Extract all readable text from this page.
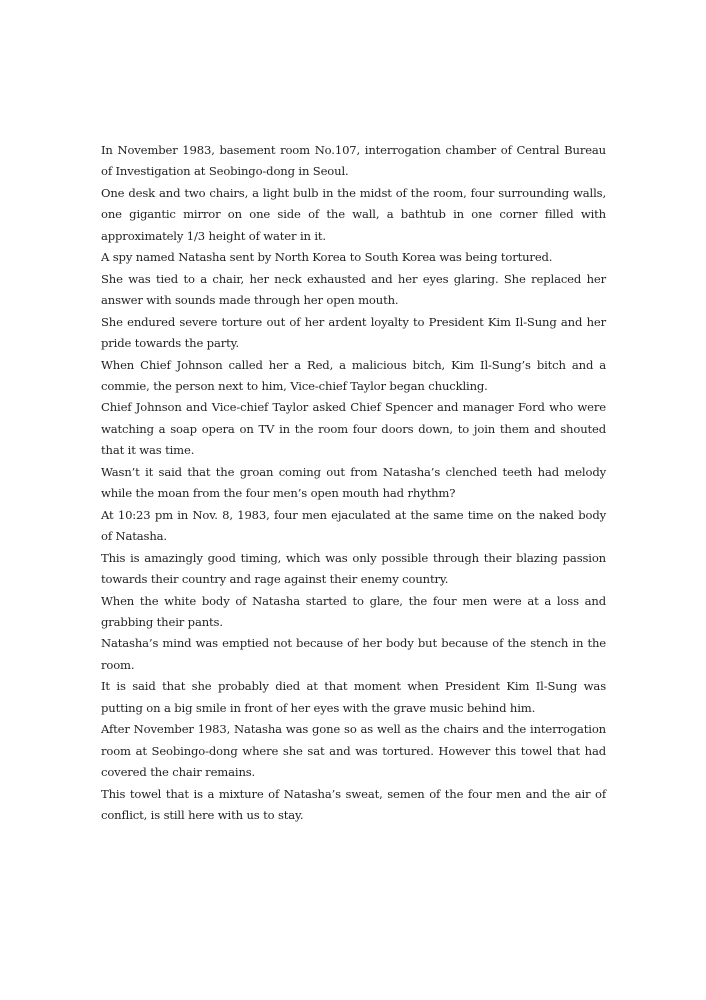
In November 1983, basement room No.107, interrogation chamber of Central Bureau of Investigation at Seobingo-dong in Seoul.

One desk and two chairs, a light bulb in the midst of the room, four surrounding walls, one gigantic mirror on one side of the wall, a bathtub in one corner filled with approximately 1/3 height of water in it.

A spy named Natasha sent by North Korea to South Korea was being tortured.

She was tied to a chair, her neck exhausted and her eyes glaring. She replaced her answer with sounds made through her open mouth.

She endured severe torture out of her ardent loyalty to President Kim Il-Sung and her pride towards the party.

When Chief Johnson called her a Red, a malicious bitch, Kim Il-Sung’s bitch and a commie, the person next to him, Vice-chief Taylor began chuckling.

Chief Johnson and Vice-chief Taylor asked Chief Spencer and manager Ford who were watching a soap opera on TV in the room four doors down, to join them and shouted that it was time.

Wasn’t it said that the groan coming out from Natasha’s clenched teeth had melody while the moan from the four men’s open mouth had rhythm?

At 10:23 pm in Nov. 8, 1983, four men ejaculated at the same time on the naked body of Natasha.

This is amazingly good timing, which was only possible through their blazing passion towards their country and rage against their enemy country.

When the white body of Natasha started to glare, the four men were at a loss and grabbing their pants.

Natasha’s mind was emptied not because of her body but because of the stench in the room.

It is said that she probably died at that moment when President Kim Il-Sung was putting on a big smile in front of her eyes with the grave music behind him.

After November 1983, Natasha was gone so as well as the chairs and the interrogation room at Seobingo-dong where she sat and was tortured. However this towel that had covered the chair remains.

This towel that is a mixture of Natasha’s sweat, semen of the four men and the air of conflict, is still here with us to stay.
